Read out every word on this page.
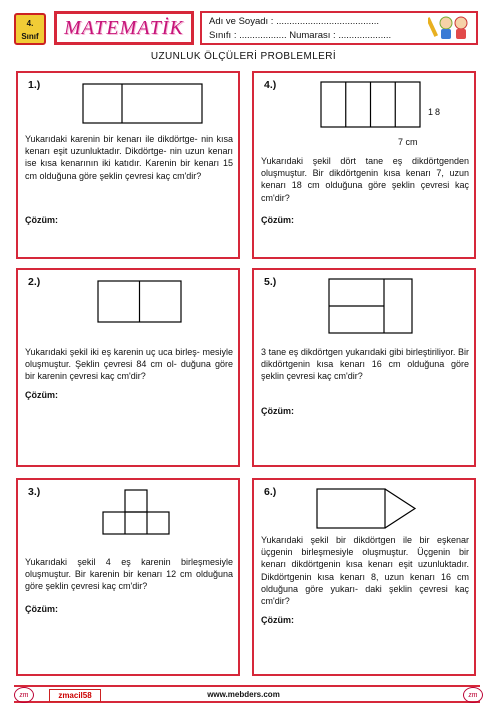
4.
Sınıf	MATEMATİK	Adı ve Soyadı : .......................................
Sınıfı : .................. Numarası : ....................
UZUNLUK ÖLÇÜLERİ PROBLEMLERİ
1.)
Yukarıdaki karenin bir kenarı ile dikdörtge- nin kısa kenarı eşit uzunluktadır. Dikdörtge- nin uzun kenarı ise kısa kenarının iki katıdır. Karenin bir kenarı 15 cm olduğuna göre şeklin çevresi kaç cm'dir?
Çözüm:
4.)
18
7 cm
Yukarıdaki şekil dört tane eş dikdörtgenden oluşmuştur. Bir dikdörtgenin kısa kenarı 7, uzun kenarı 18 cm olduğuna göre şeklin çevresi kaç cm'dir?
Çözüm:
2.)
Yukarıdaki şekil iki eş karenin uç uca birleş- mesiyle oluşmuştur. Şeklin çevresi 84 cm ol- duğuna göre bir karenin çevresi kaç cm'dir?
Çözüm:
5.)
3 tane eş dikdörtgen yukarıdaki gibi birleştiriliyor. Bir dikdörtgenin kısa kenarı 16 cm olduğuna göre şeklin çevresi kaç cm'dir?
Çözüm:
3.)
Yukarıdaki şekil 4 eş karenin birleşmesiyle oluşmuştur. Bir karenin bir kenarı 12 cm olduğuna göre şeklin çevresi kaç cm'dir?
Çözüm:
6.)
Yukarıdaki şekil bir dikdörtgen ile bir eşkenar üçgenin birleşmesiyle oluşmuştur. Üçgenin bir kenarı dikdörtgenin kısa kenarı eşit uzunluktadır. Dikdörtgenin kısa kenarı 8, uzun kenarı 16 cm olduğuna göre yukarı- daki şeklin çevresi kaç cm'dir?
Çözüm:
zm	zm
zmacil58	www.mebders.com
